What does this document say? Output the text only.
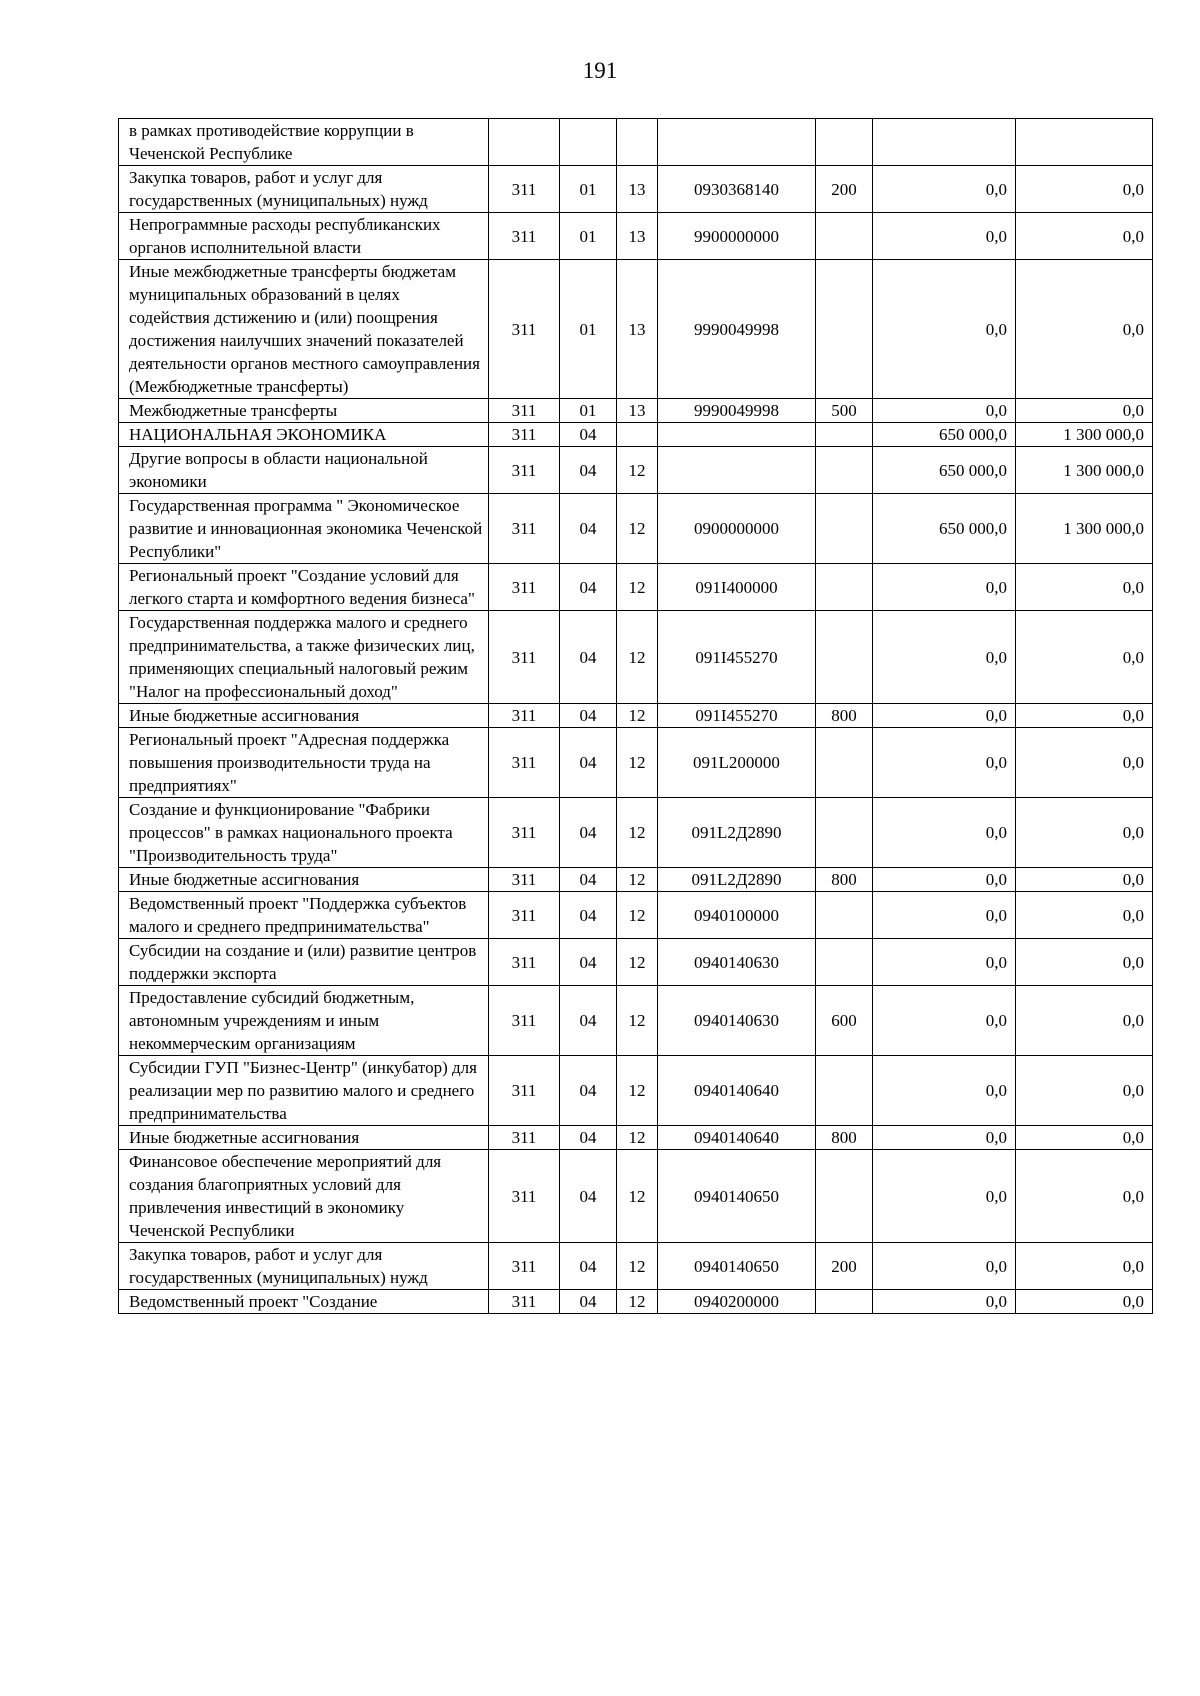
191
в рамках противодействие коррупции в Чеченской Республике							
Закупка товаров, работ и услуг для государственных (муниципальных) нужд	311	01	13	0930368140	200	0,0	0,0
Непрограммные расходы республиканских органов исполнительной власти	311	01	13	9900000000		0,0	0,0
Иные межбюджетные трансферты бюджетам муниципальных образований в целях содействия дстижению и (или) поощрения достижения наилучших значений показателей деятельности органов местного самоуправления (Межбюджетные трансферты)	311	01	13	9990049998		0,0	0,0
Межбюджетные трансферты	311	01	13	9990049998	500	0,0	0,0
НАЦИОНАЛЬНАЯ ЭКОНОМИКА	311	04				650 000,0	1 300 000,0
Другие вопросы в области национальной экономики	311	04	12			650 000,0	1 300 000,0
Государственная программа " Экономическое развитие и инновационная экономика Чеченской Республики"	311	04	12	0900000000		650 000,0	1 300 000,0
Региональный проект "Создание условий для легкого старта и комфортного ведения бизнеса"	311	04	12	091I400000		0,0	0,0
Государственная поддержка малого и среднего предпринимательства, а также физических лиц, применяющих специальный налоговый режим "Налог на профессиональный доход"	311	04	12	091I455270		0,0	0,0
Иные бюджетные ассигнования	311	04	12	091I455270	800	0,0	0,0
Региональный проект "Адресная поддержка повышения производительности труда на предприятиях"	311	04	12	091L200000		0,0	0,0
Создание и функционирование "Фабрики процессов" в рамках национального проекта "Производительность труда"	311	04	12	091L2Д2890		0,0	0,0
Иные бюджетные ассигнования	311	04	12	091L2Д2890	800	0,0	0,0
Ведомственный проект "Поддержка субъектов малого и среднего предпринимательства"	311	04	12	0940100000		0,0	0,0
Субсидии на создание и (или) развитие центров поддержки экспорта	311	04	12	0940140630		0,0	0,0
Предоставление субсидий бюджетным, автономным учреждениям и иным некоммерческим организациям	311	04	12	0940140630	600	0,0	0,0
Субсидии ГУП "Бизнес-Центр" (инкубатор) для реализации мер по развитию малого и среднего предпринимательства	311	04	12	0940140640		0,0	0,0
Иные бюджетные ассигнования	311	04	12	0940140640	800	0,0	0,0
Финансовое обеспечение мероприятий для создания благоприятных условий для привлечения инвестиций в экономику Чеченской Республики	311	04	12	0940140650		0,0	0,0
Закупка товаров, работ и услуг для государственных (муниципальных) нужд	311	04	12	0940140650	200	0,0	0,0
Ведомственный проект "Создание	311	04	12	0940200000		0,0	0,0
